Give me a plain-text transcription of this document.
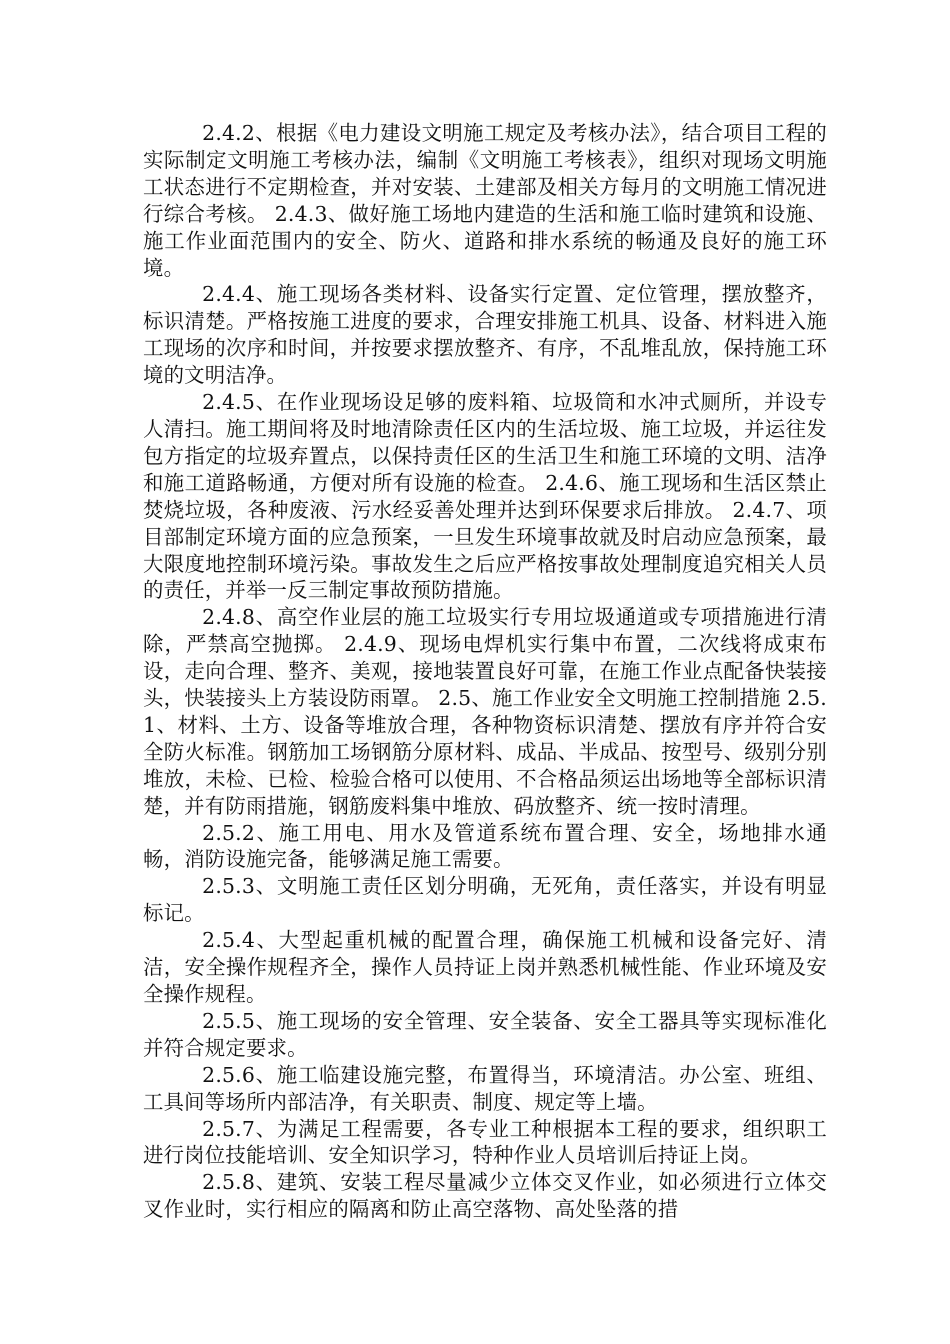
2.4.2、根据《电力建设文明施工规定及考核办法》，结合项目工程的实际制定文明施工考核办法，编制《文明施工考核表》，组织对现场文明施工状态进行不定期检查，并对安装、土建部及相关方每月的文明施工情况进行综合考核。 2.4.3、做好施工场地内建造的生活和施工临时建筑和设施、施工作业面范围内的安全、防火、道路和排水系统的畅通及良好的施工环境。

2.4.4、施工现场各类材料、设备实行定置、定位管理，摆放整齐，标识清楚。严格按施工进度的要求，合理安排施工机具、设备、材料进入施工现场的次序和时间，并按要求摆放整齐、有序，不乱堆乱放，保持施工环境的文明洁净。

2.4.5、在作业现场设足够的废料箱、垃圾筒和水冲式厕所，并设专人清扫。施工期间将及时地清除责任区内的生活垃圾、施工垃圾，并运往发包方指定的垃圾弃置点，以保持责任区的生活卫生和施工环境的文明、洁净和施工道路畅通，方便对所有设施的检查。 2.4.6、施工现场和生活区禁止焚烧垃圾，各种废液、污水经妥善处理并达到环保要求后排放。 2.4.7、项目部制定环境方面的应急预案，一旦发生环境事故就及时启动应急预案，最大限度地控制环境污染。事故发生之后应严格按事故处理制度追究相关人员的责任，并举一反三制定事故预防措施。

2.4.8、高空作业层的施工垃圾实行专用垃圾通道或专项措施进行清除，严禁高空抛掷。 2.4.9、现场电焊机实行集中布置，二次线将成束布设，走向合理、整齐、美观，接地装置良好可靠，在施工作业点配备快装接头，快装接头上方装设防雨罩。 2.5、施工作业安全文明施工控制措施 2.5.1、材料、土方、设备等堆放合理，各种物资标识清楚、摆放有序并符合安全防火标准。钢筋加工场钢筋分原材料、成品、半成品、按型号、级别分别堆放，未检、已检、检验合格可以使用、不合格品须运出场地等全部标识清楚，并有防雨措施，钢筋废料集中堆放、码放整齐、统一按时清理。

2.5.2、施工用电、用水及管道系统布置合理、安全，场地排水通畅，消防设施完备，能够满足施工需要。

2.5.3、文明施工责任区划分明确，无死角，责任落实，并设有明显标记。

2.5.4、大型起重机械的配置合理，确保施工机械和设备完好、清洁，安全操作规程齐全，操作人员持证上岗并熟悉机械性能、作业环境及安全操作规程。

2.5.5、施工现场的安全管理、安全装备、安全工器具等实现标准化并符合规定要求。

2.5.6、施工临建设施完整，布置得当，环境清洁。办公室、班组、工具间等场所内部洁净，有关职责、制度、规定等上墙。

2.5.7、为满足工程需要，各专业工种根据本工程的要求，组织职工进行岗位技能培训、安全知识学习，特种作业人员培训后持证上岗。

2.5.8、建筑、安装工程尽量减少立体交叉作业，如必须进行立体交叉作业时，实行相应的隔离和防止高空落物、高处坠落的措
